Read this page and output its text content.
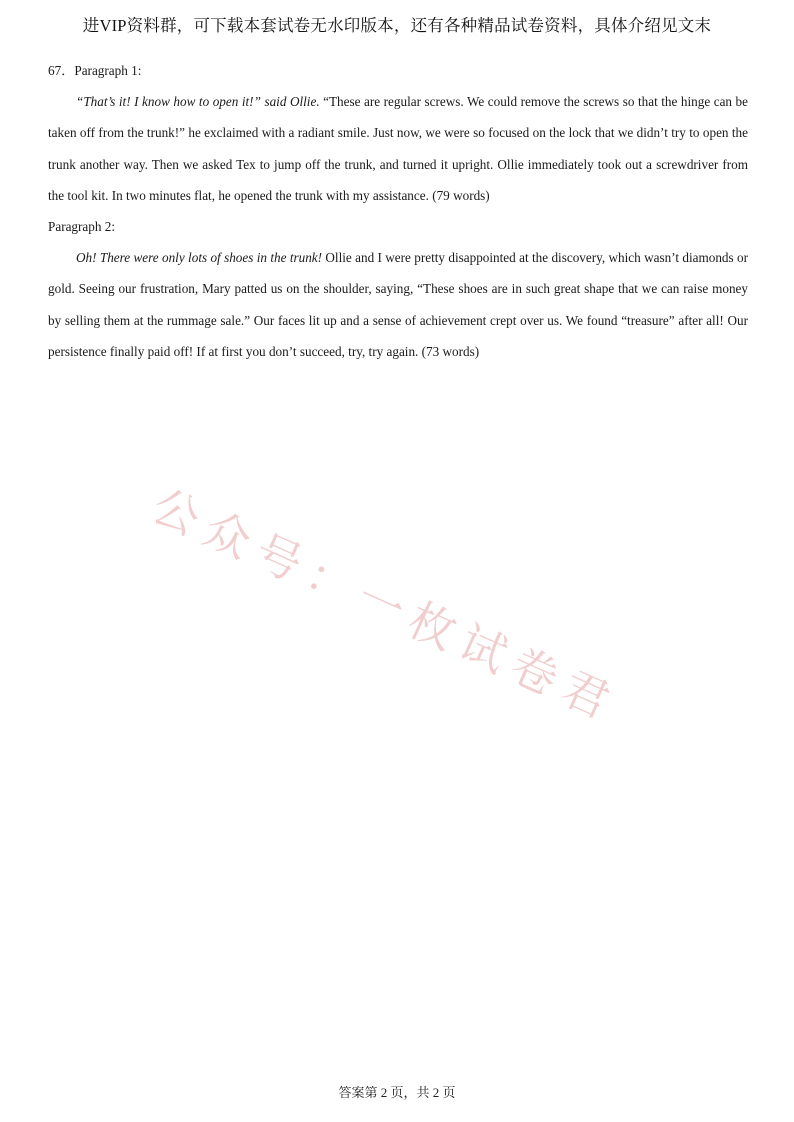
进VIP资料群，可下载本套试卷无水印版本，还有各种精品试卷资料，具体介绍见文末

67．Paragraph 1:

“That’s it! I know how to open it!” said Ollie. “These are regular screws. We could remove the screws so that the hinge can be taken off from the trunk!” he exclaimed with a radiant smile. Just now, we were so focused on the lock that we didn’t try to open the trunk another way. Then we asked Tex to jump off the trunk, and turned it upright. Ollie immediately took out a screwdriver from the tool kit. In two minutes flat, he opened the trunk with my assistance. (79 words)

Paragraph 2:

Oh! There were only lots of shoes in the trunk! Ollie and I were pretty disappointed at the discovery, which wasn’t diamonds or gold. Seeing our frustration, Mary patted us on the shoulder, saying, “These shoes are in such great shape that we can raise money by selling them at the rummage sale.” Our faces lit up and a sense of achievement crept over us. We found “treasure” after all! Our persistence finally paid off! If at first you don’t succeed, try, try again. (73 words)

公众号：一枚试卷君
答案第 2 页，共 2 页
